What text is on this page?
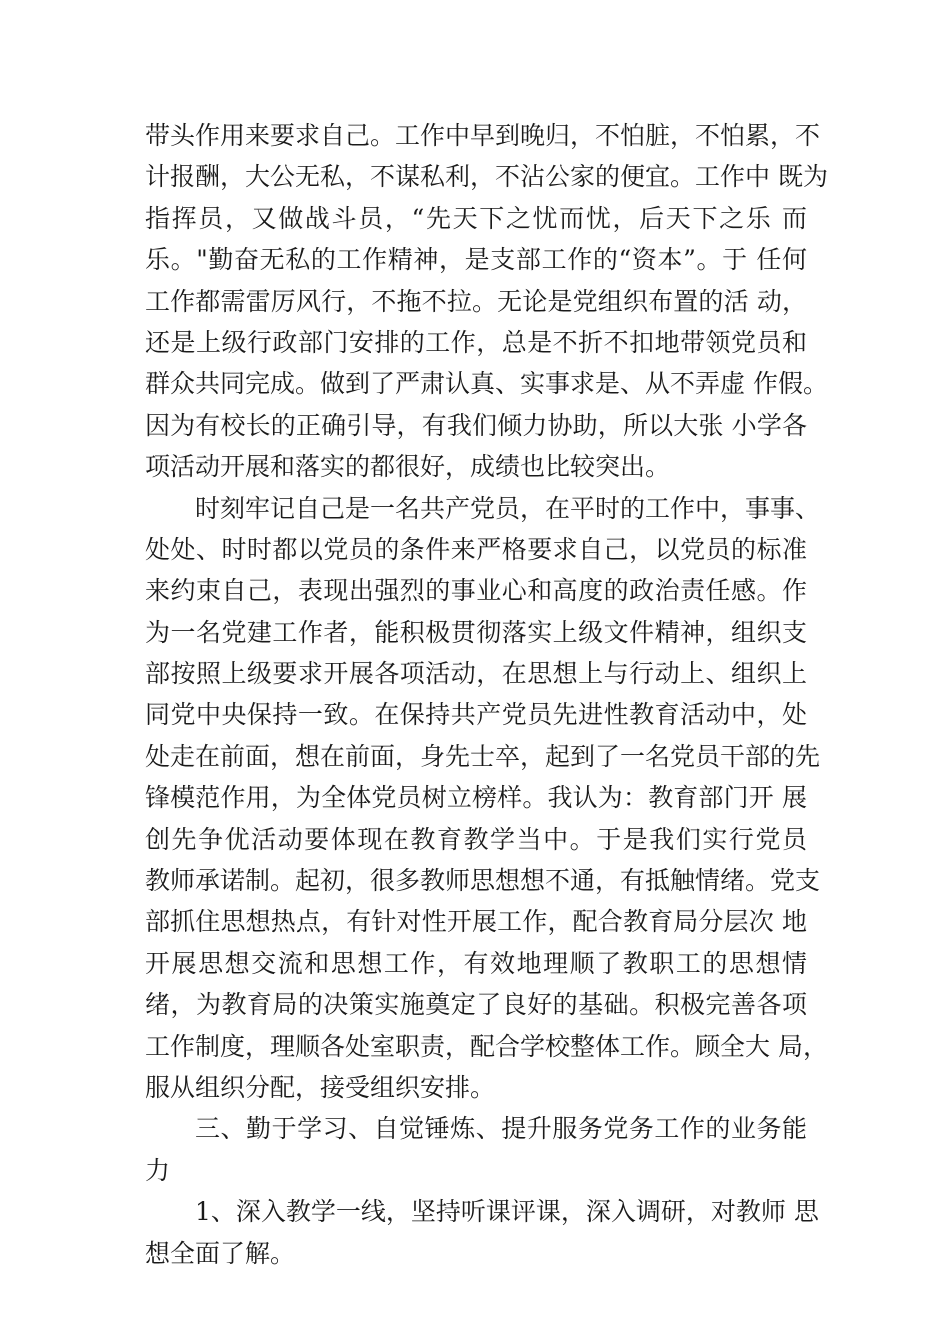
带头作用来要求自己。工作中早到晚归，不怕脏，不怕累，不
计报酬，大公无私，不谋私利，不沾公家的便宜。工作中 既为
指挥员，又做战斗员，“先天下之忧而忧，后天下之乐 而
乐。"勤奋无私的工作精神，是支部工作的“资本”。于 任何
工作都需雷厉风行，不拖不拉。无论是党组织布置的活 动，
还是上级行政部门安排的工作，总是不折不扣地带领党员和
群众共同完成。做到了严肃认真、实事求是、从不弄虚 作假。
因为有校长的正确引导，有我们倾力协助，所以大张 小学各
项活动开展和落实的都很好，成绩也比较突出。
时刻牢记自己是一名共产党员，在平时的工作中，事事、
处处、时时都以党员的条件来严格要求自己，以党员的标准
来约束自己，表现出强烈的事业心和高度的政治责任感。作
为一名党建工作者，能积极贯彻落实上级文件精神，组织支
部按照上级要求开展各项活动，在思想上与行动上、组织上
同党中央保持一致。在保持共产党员先进性教育活动中，处
处走在前面，想在前面，身先士卒，起到了一名党员干部的先
锋模范作用，为全体党员树立榜样。我认为：教育部门开 展
创先争优活动要体现在教育教学当中。于是我们实行党员
教师承诺制。起初，很多教师思想想不通，有抵触情绪。党支
部抓住思想热点，有针对性开展工作，配合教育局分层次 地
开展思想交流和思想工作，有效地理顺了教职工的思想情
绪，为教育局的决策实施奠定了良好的基础。积极完善各项
工作制度，理顺各处室职责，配合学校整体工作。顾全大 局，
服从组织分配，接受组织安排。
三、勤于学习、自觉锤炼、提升服务党务工作的业务能
力
1、深入教学一线，坚持听课评课，深入调研，对教师 思
想全面了解。
